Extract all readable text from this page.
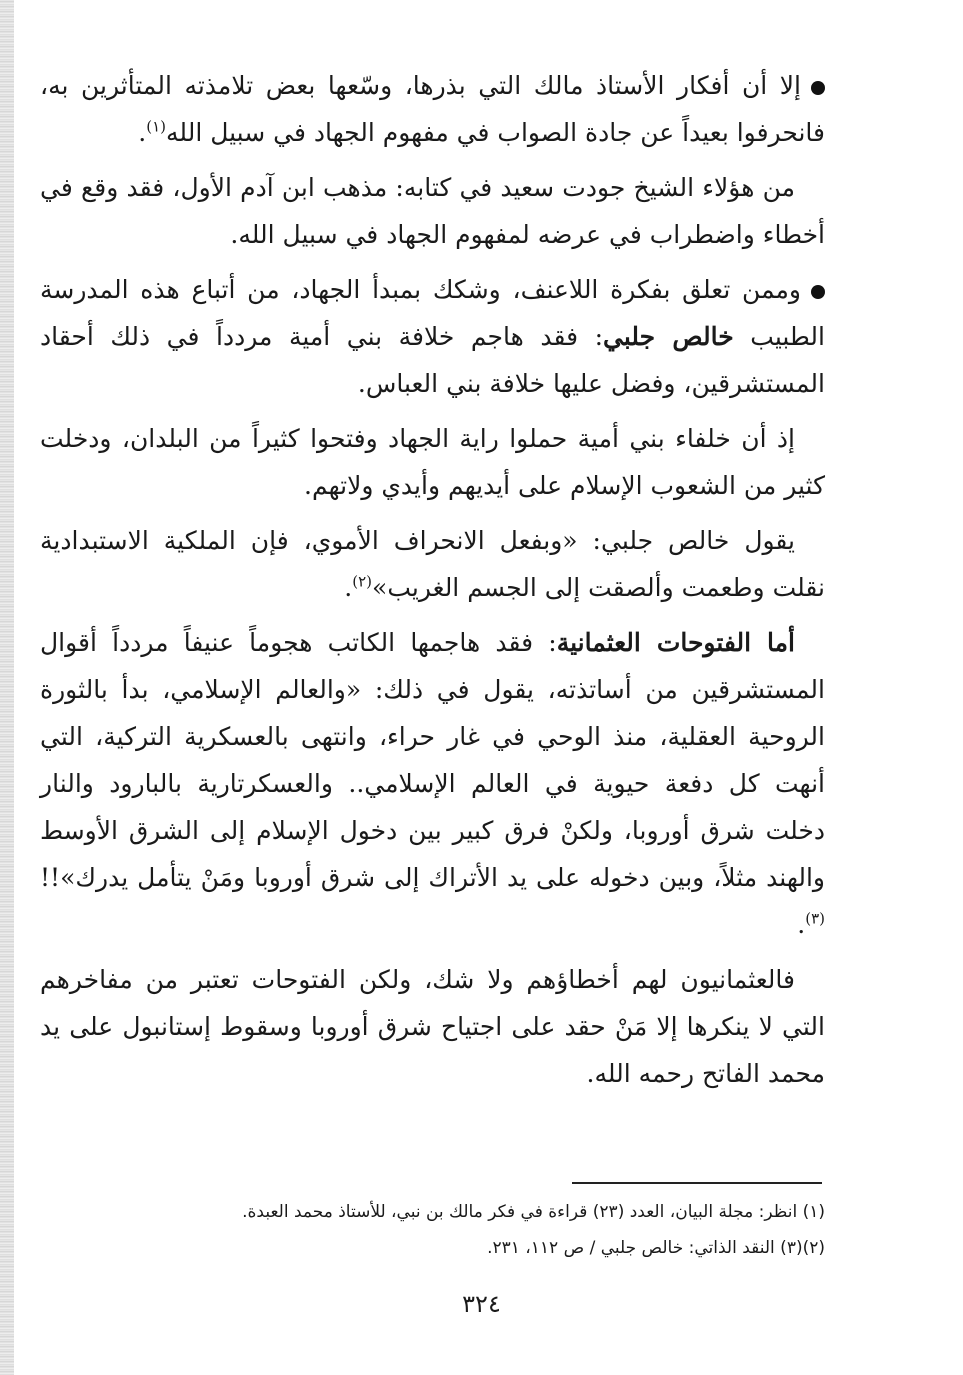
إلا أن أفكار الأستاذ مالك التي بذرها، وسّعها بعض تلامذته المتأثرين به، فانحرفوا بعيداً عن جادة الصواب في مفهوم الجهاد في سبيل الله$^{(١)}$.

من هؤلاء الشيخ جودت سعيد في كتابه: مذهب ابن آدم الأول، فقد وقع في أخطاء واضطراب في عرضه لمفهوم الجهاد في سبيل الله.

وممن تعلق بفكرة اللاعنف، وشكك بمبدأ الجهاد، من أتباع هذه المدرسة الطبيب خالص جلبي: فقد هاجم خلافة بني أمية مردداً في ذلك أحقاد المستشرقين، وفضل عليها خلافة بني العباس.

إذ أن خلفاء بني أمية حملوا راية الجهاد وفتحوا كثيراً من البلدان، ودخلت كثير من الشعوب الإسلام على أيديهم وأيدي ولاتهم.

يقول خالص جلبي: «وبفعل الانحراف الأموي، فإن الملكية الاستبدادية نقلت وطعمت وألصقت إلى الجسم الغريب»$^{(٢)}$.

أما الفتوحات العثمانية: فقد هاجمها الكاتب هجوماً عنيفاً مردداً أقوال المستشرقين من أساتذته، يقول في ذلك: «والعالم الإسلامي، بدأ بالثورة الروحية العقلية، منذ الوحي في غار حراء، وانتهى بالعسكرية التركية، التي أنهت كل دفعة حيوية في العالم الإسلامي.. والعسكرتارية بالبارود والنار دخلت شرق أوروبا، ولكنْ فرق كبير بين دخول الإسلام إلى الشرق الأوسط والهند مثلاً، وبين دخوله على يد الأتراك إلى شرق أوروبا ومَنْ يتأمل يدرك»!!$^{(٣)}$.

فالعثمانيون لهم أخطاؤهم ولا شك، ولكن الفتوحات تعتبر من مفاخرهم التي لا ينكرها إلا مَنْ حقد على اجتياح شرق أوروبا وسقوط إستانبول على يد محمد الفاتح رحمه الله.

(١) انظر: مجلة البيان، العدد (٢٣) قراءة في فكر مالك بن نبي، للأستاذ محمد العبدة.
(٢)(٣) النقد الذاتي: خالص جلبي / ص ١١٢، ٢٣١.
٣٢٤
